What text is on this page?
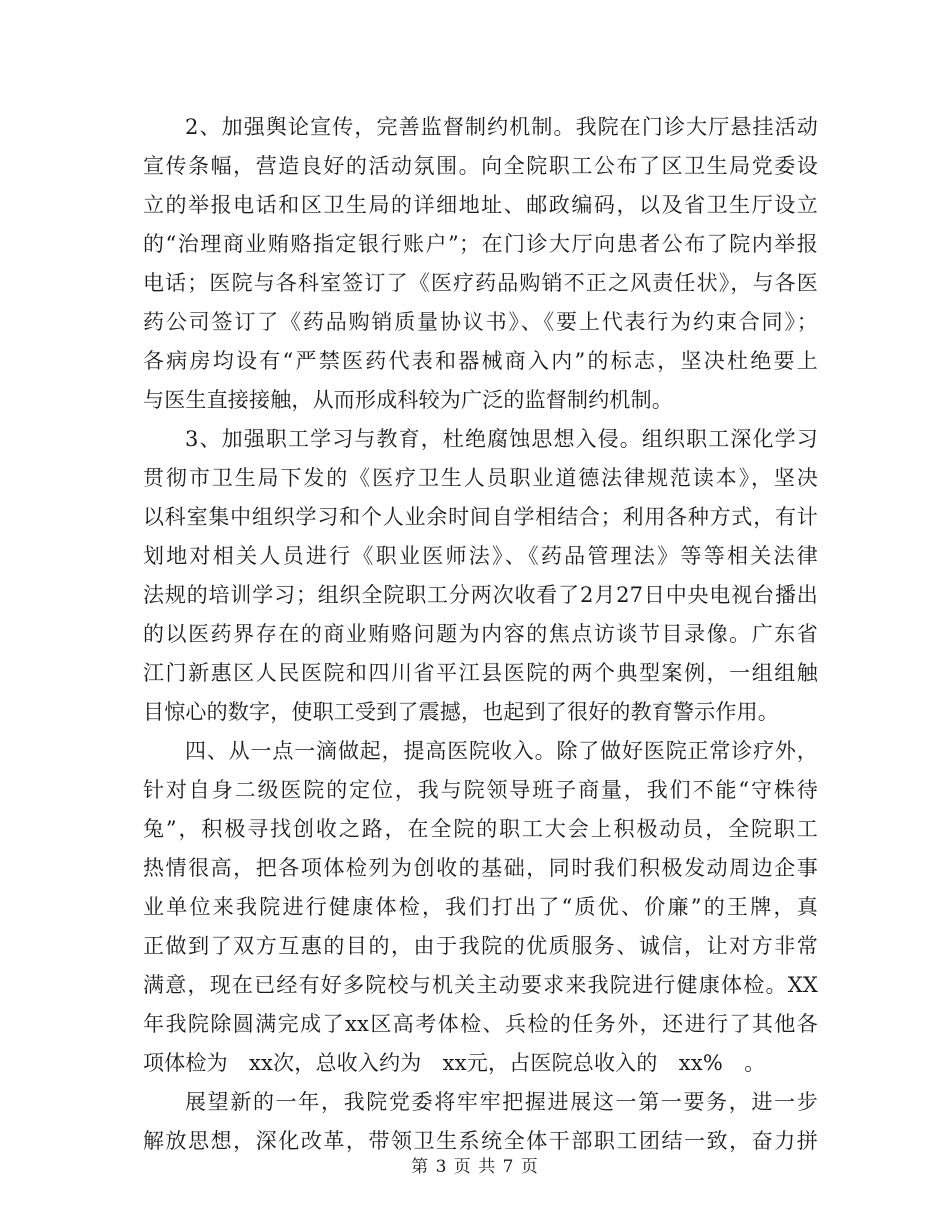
2、加强舆论宣传，完善监督制约机制。我院在门诊大厅悬挂活动
宣传条幅，营造良好的活动氛围。向全院职工公布了区卫生局党委设
立的举报电话和区卫生局的详细地址、邮政编码，以及省卫生厅设立
的“治理商业贿赂指定银行账户”；在门诊大厅向患者公布了院内举报
电话；医院与各科室签订了《医疗药品购销不正之风责任状》，与各医
药公司签订了《药品购销质量协议书》、《要上代表行为约束合同》；
各病房均设有“严禁医药代表和器械商入内”的标志，坚决杜绝要上
与医生直接接触，从而形成科较为广泛的监督制约机制。
3、加强职工学习与教育，杜绝腐蚀思想入侵。组织职工深化学习
贯彻市卫生局下发的《医疗卫生人员职业道德法律规范读本》，坚决
以科室集中组织学习和个人业余时间自学相结合；利用各种方式，有计
划地对相关人员进行《职业医师法》、《药品管理法》等等相关法律
法规的培训学习；组织全院职工分两次收看了2月27日中央电视台播出
的以医药界存在的商业贿赂问题为内容的焦点访谈节目录像。广东省
江门新惠区人民医院和四川省平江县医院的两个典型案例，一组组触
目惊心的数字，使职工受到了震撼，也起到了很好的教育警示作用。
四、从一点一滴做起，提高医院收入。除了做好医院正常诊疗外，
针对自身二级医院的定位，我与院领导班子商量，我们不能“守株待
兔”，积极寻找创收之路，在全院的职工大会上积极动员，全院职工
热情很高，把各项体检列为创收的基础，同时我们积极发动周边企事
业单位来我院进行健康体检，我们打出了“质优、价廉”的王牌，真
正做到了双方互惠的目的，由于我院的优质服务、诚信，让对方非常
满意，现在已经有好多院校与机关主动要求来我院进行健康体检。XX
年我院除圆满完成了xx区高考体检、兵检的任务外，还进行了其他各
项体检为　xx次，总收入约为　xx元，占医院总收入的　xx%　。
展望新的一年，我院党委将牢牢把握进展这一第一要务，进一步
解放思想，深化改革，带领卫生系统全体干部职工团结一致，奋力拼
第 3 页 共 7 页
